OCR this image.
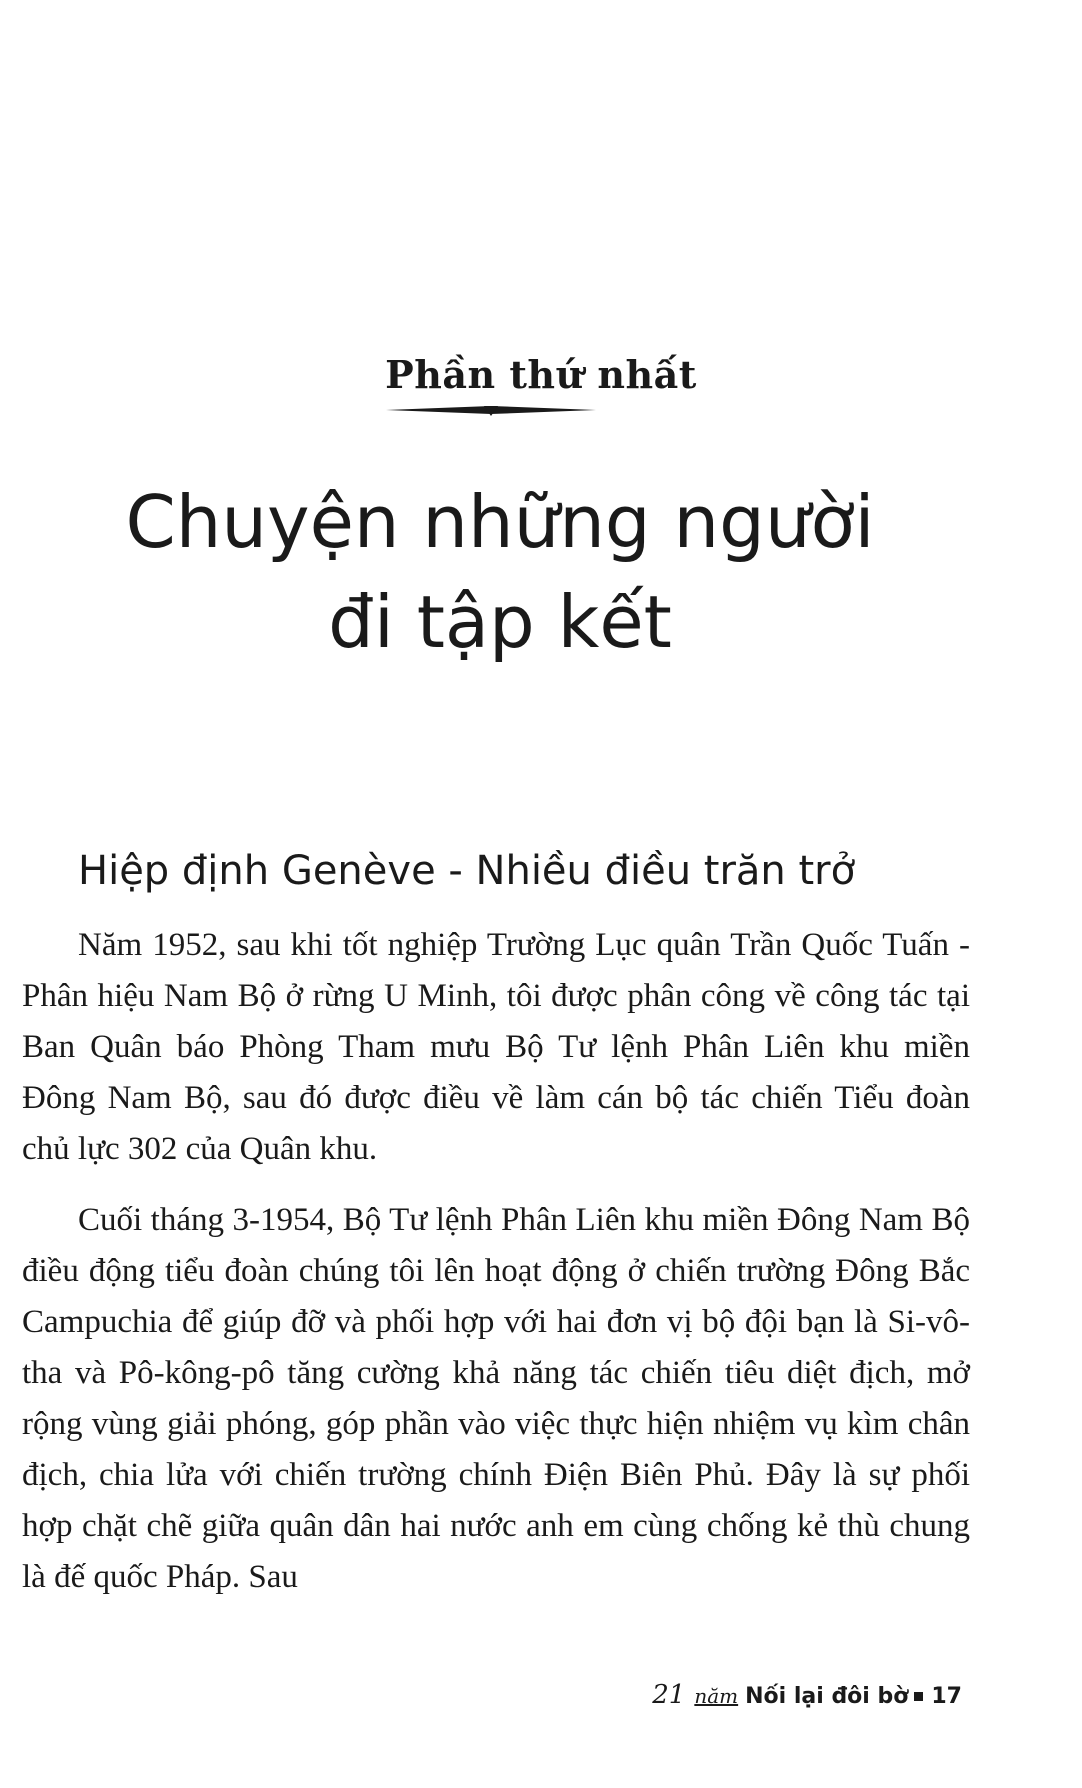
Phần thứ nhất
Chuyện những người
đi tập kết
Hiệp định Genève - Nhiều điều trăn trở

Năm 1952, sau khi tốt nghiệp Trường Lục quân Trần Quốc Tuấn - Phân hiệu Nam Bộ ở rừng U Minh, tôi được phân công về công tác tại Ban Quân báo Phòng Tham mưu Bộ Tư lệnh Phân Liên khu miền Đông Nam Bộ, sau đó được điều về làm cán bộ tác chiến Tiểu đoàn chủ lực 302 của Quân khu.

Cuối tháng 3-1954, Bộ Tư lệnh Phân Liên khu miền Đông Nam Bộ điều động tiểu đoàn chúng tôi lên hoạt động ở chiến trường Đông Bắc Campuchia để giúp đỡ và phối hợp với hai đơn vị bộ đội bạn là Si-vô-tha và Pô-kông-pô tăng cường khả năng tác chiến tiêu diệt địch, mở rộng vùng giải phóng, góp phần vào việc thực hiện nhiệm vụ kìm chân địch, chia lửa với chiến trường chính Điện Biên Phủ. Đây là sự phối hợp chặt chẽ giữa quân dân hai nước anh em cùng chống kẻ thù chung là đế quốc Pháp. Sau

21 năm Nối lại đôi bờ 17
